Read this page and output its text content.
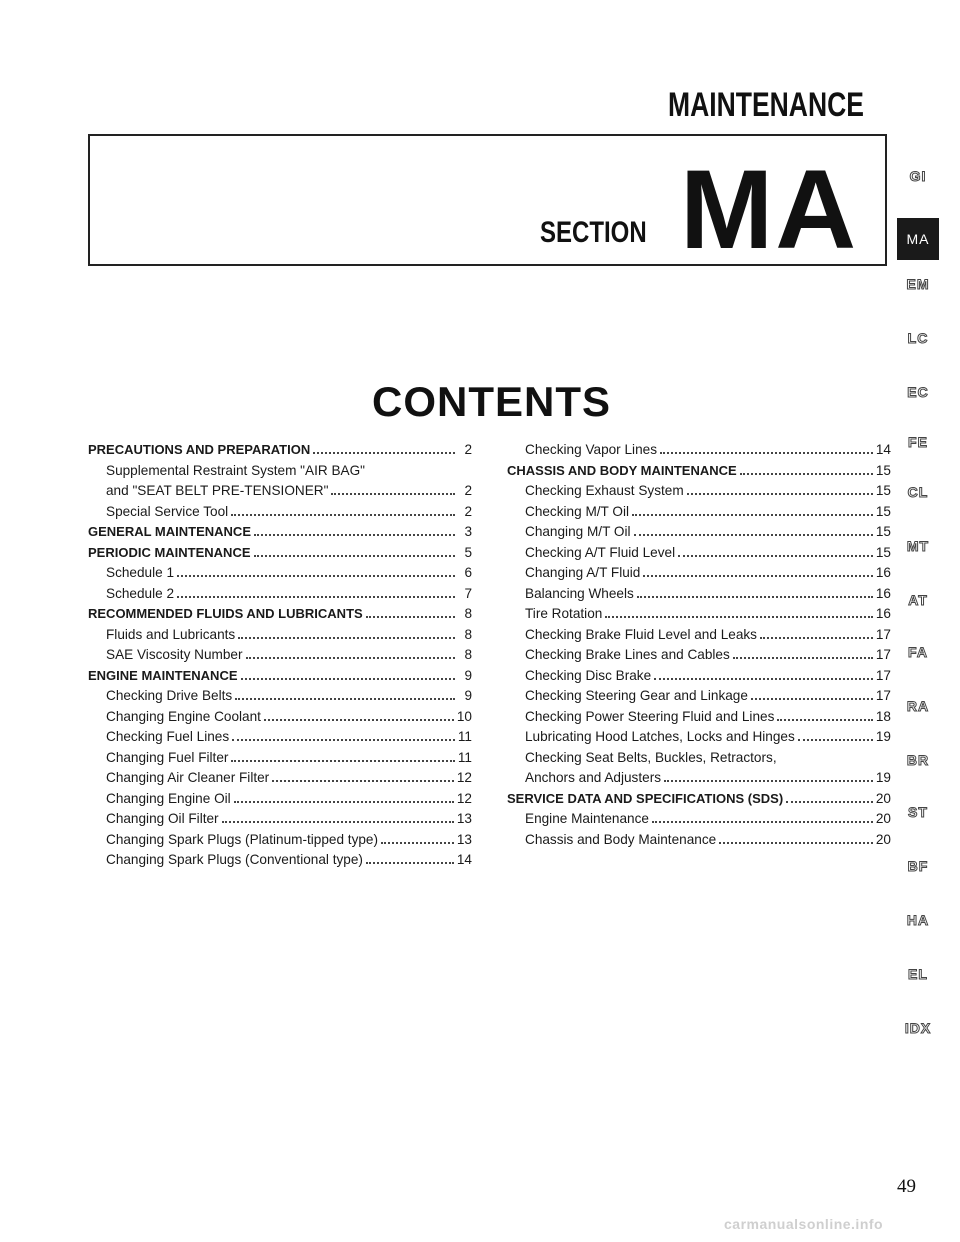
MAINTENANCE
SECTION MA
CONTENTS
PRECAUTIONS AND PREPARATION	2
Supplemental Restraint System "AIR BAG"
and "SEAT BELT PRE-TENSIONER"	2
Special Service Tool	2
GENERAL MAINTENANCE	3
PERIODIC MAINTENANCE	5
Schedule 1	6
Schedule 2	7
RECOMMENDED FLUIDS AND LUBRICANTS	8
Fluids and Lubricants	8
SAE Viscosity Number	8
ENGINE MAINTENANCE	9
Checking Drive Belts	9
Changing Engine Coolant	10
Checking Fuel Lines	11
Changing Fuel Filter	11
Changing Air Cleaner Filter	12
Changing Engine Oil	12
Changing Oil Filter	13
Changing Spark Plugs (Platinum-tipped type)	13
Changing Spark Plugs (Conventional type)	14
Checking Vapor Lines	14
CHASSIS AND BODY MAINTENANCE	15
Checking Exhaust System	15
Checking M/T Oil	15
Changing M/T Oil	15
Checking A/T Fluid Level	15
Changing A/T Fluid	16
Balancing Wheels	16
Tire Rotation	16
Checking Brake Fluid Level and Leaks	17
Checking Brake Lines and Cables	17
Checking Disc Brake	17
Checking Steering Gear and Linkage	17
Checking Power Steering Fluid and Lines	18
Lubricating Hood Latches, Locks and Hinges	19
Checking Seat Belts, Buckles, Retractors,
Anchors and Adjusters	19
SERVICE DATA AND SPECIFICATIONS (SDS)	20
Engine Maintenance	20
Chassis and Body Maintenance	20
GI
MA
EM
LC
EC
FE
CL
MT
AT
FA
RA
BR
ST
BF
HA
EL
IDX
49
carmanualsonline.info
